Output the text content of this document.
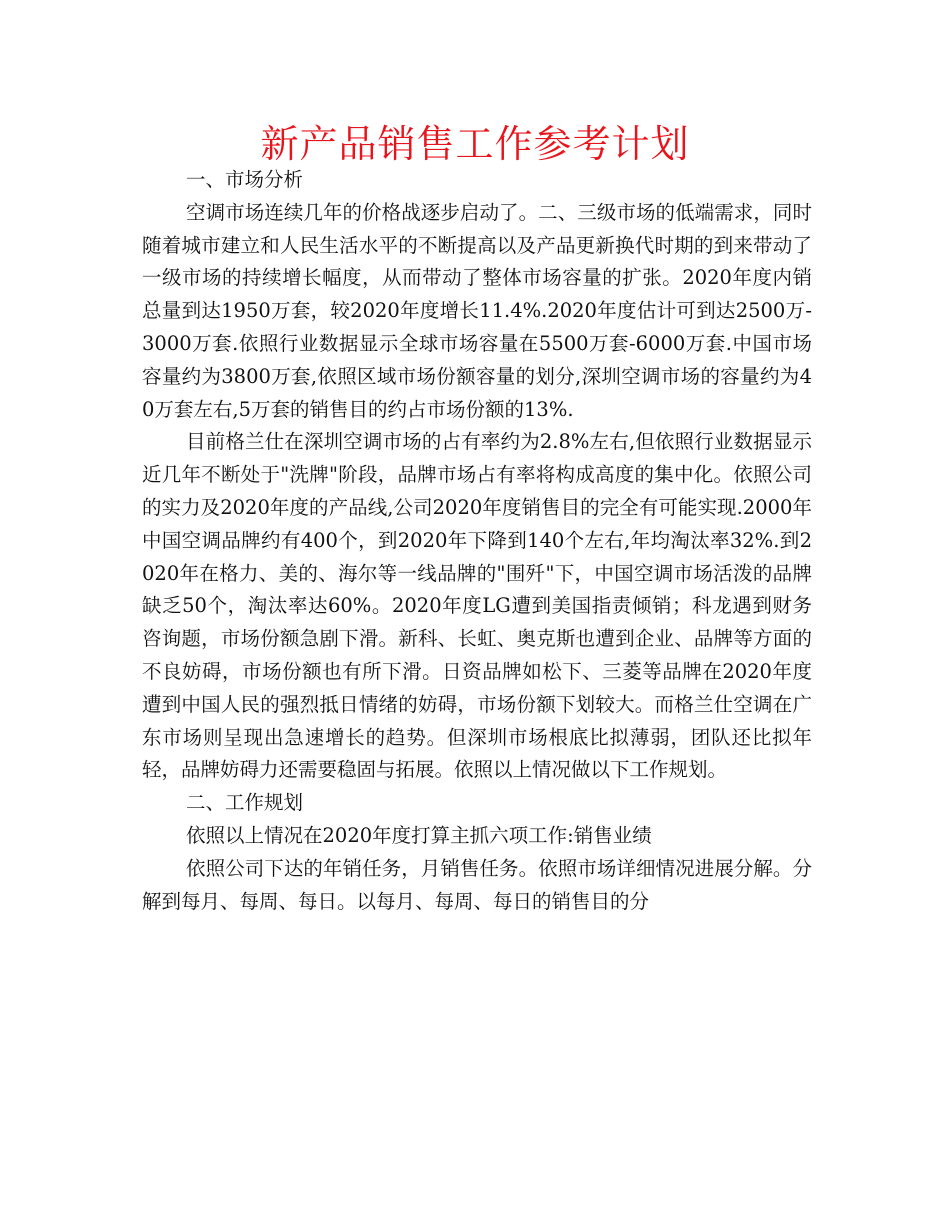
新产品销售工作参考计划

一、市场分析

空调市场连续几年的价格战逐步启动了。二、三级市场的低端需求，同时随着城市建立和人民生活水平的不断提高以及产品更新换代时期的到来带动了一级市场的持续增长幅度，从而带动了整体市场容量的扩张。2020年度内销总量到达1950万套，较2020年度增长11.4%.2020年度估计可到达2500万-3000万套.依照行业数据显示全球市场容量在5500万套-6000万套.中国市场容量约为3800万套,依照区域市场份额容量的划分,深圳空调市场的容量约为40万套左右,5万套的销售目的约占市场份额的13%.

目前格兰仕在深圳空调市场的占有率约为2.8%左右,但依照行业数据显示近几年不断处于"洗牌"阶段，品牌市场占有率将构成高度的集中化。依照公司的实力及2020年度的产品线,公司2020年度销售目的完全有可能实现.2000年中国空调品牌约有400个，到2020年下降到140个左右,年均淘汰率32%.到2020年在格力、美的、海尔等一线品牌的"围歼"下，中国空调市场活泼的品牌缺乏50个，淘汰率达60%。2020年度LG遭到美国指责倾销；科龙遇到财务咨询题，市场份额急剧下滑。新科、长虹、奥克斯也遭到企业、品牌等方面的不良妨碍，市场份额也有所下滑。日资品牌如松下、三菱等品牌在2020年度遭到中国人民的强烈抵日情绪的妨碍，市场份额下划较大。而格兰仕空调在广东市场则呈现出急速增长的趋势。但深圳市场根底比拟薄弱，团队还比拟年轻，品牌妨碍力还需要稳固与拓展。依照以上情况做以下工作规划。

二、工作规划

依照以上情况在2020年度打算主抓六项工作:销售业绩

依照公司下达的年销任务，月销售任务。依照市场详细情况进展分解。分解到每月、每周、每日。以每月、每周、每日的销售目的分
